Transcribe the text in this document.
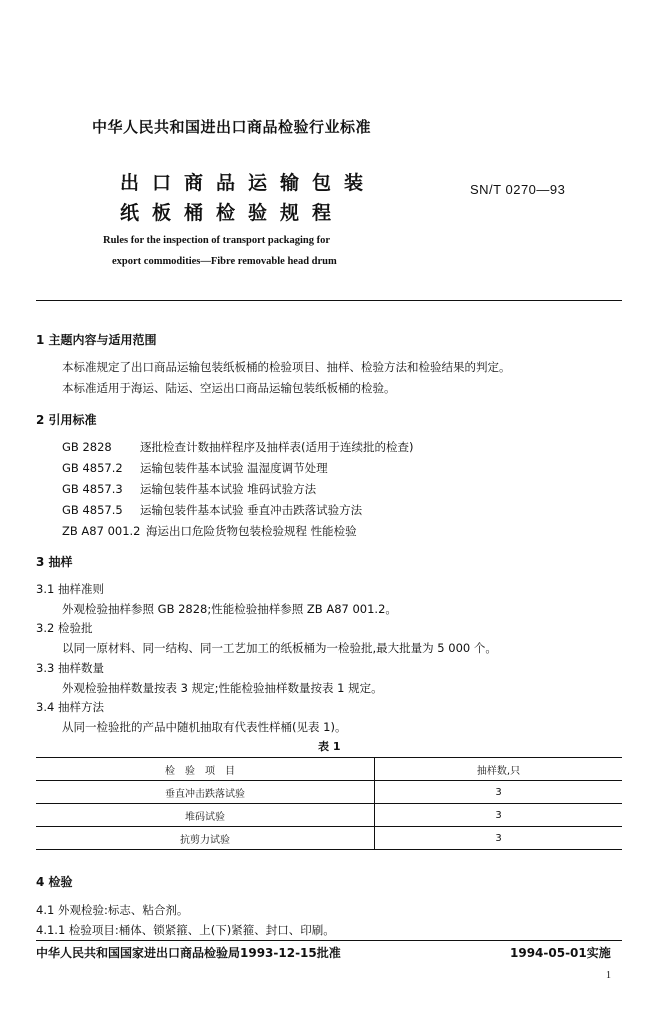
中华人民共和国进出口商品检验行业标准
出口商品运输包装
纸板桶检验规程
SN/T 0270—93
Rules for the inspection of transport packaging for
export commodities—Fibre removable head drum
1 主题内容与适用范围
本标准规定了出口商品运输包装纸板桶的检验项目、抽样、检验方法和检验结果的判定。
本标准适用于海运、陆运、空运出口商品运输包装纸板桶的检验。
2 引用标准
GB 2828 逐批检查计数抽样程序及抽样表(适用于连续批的检查)
GB 4857.2 运输包装件基本试验 温湿度调节处理
GB 4857.3 运输包装件基本试验 堆码试验方法
GB 4857.5 运输包装件基本试验 垂直冲击跌落试验方法
ZB A87 001.2 海运出口危险货物包装检验规程 性能检验
3 抽样
3.1 抽样准则
外观检验抽样参照 GB 2828;性能检验抽样参照 ZB A87 001.2。
3.2 检验批
以同一原材料、同一结构、同一工艺加工的纸板桶为一检验批,最大批量为 5 000 个。
3.3 抽样数量
外观检验抽样数量按表 3 规定;性能检验抽样数量按表 1 规定。
3.4 抽样方法
从同一检验批的产品中随机抽取有代表性样桶(见表 1)。
表 1
检验项目	抽样数,只
垂直冲击跌落试验	3
堆码试验	3
抗剪力试验	3
4 检验
4.1 外观检验:标志、粘合剂。
4.1.1 检验项目:桶体、锁紧箍、上(下)紧箍、封口、印刷。
中华人民共和国国家进出口商品检验局1993-12-15批准	1994-05-01实施
1
